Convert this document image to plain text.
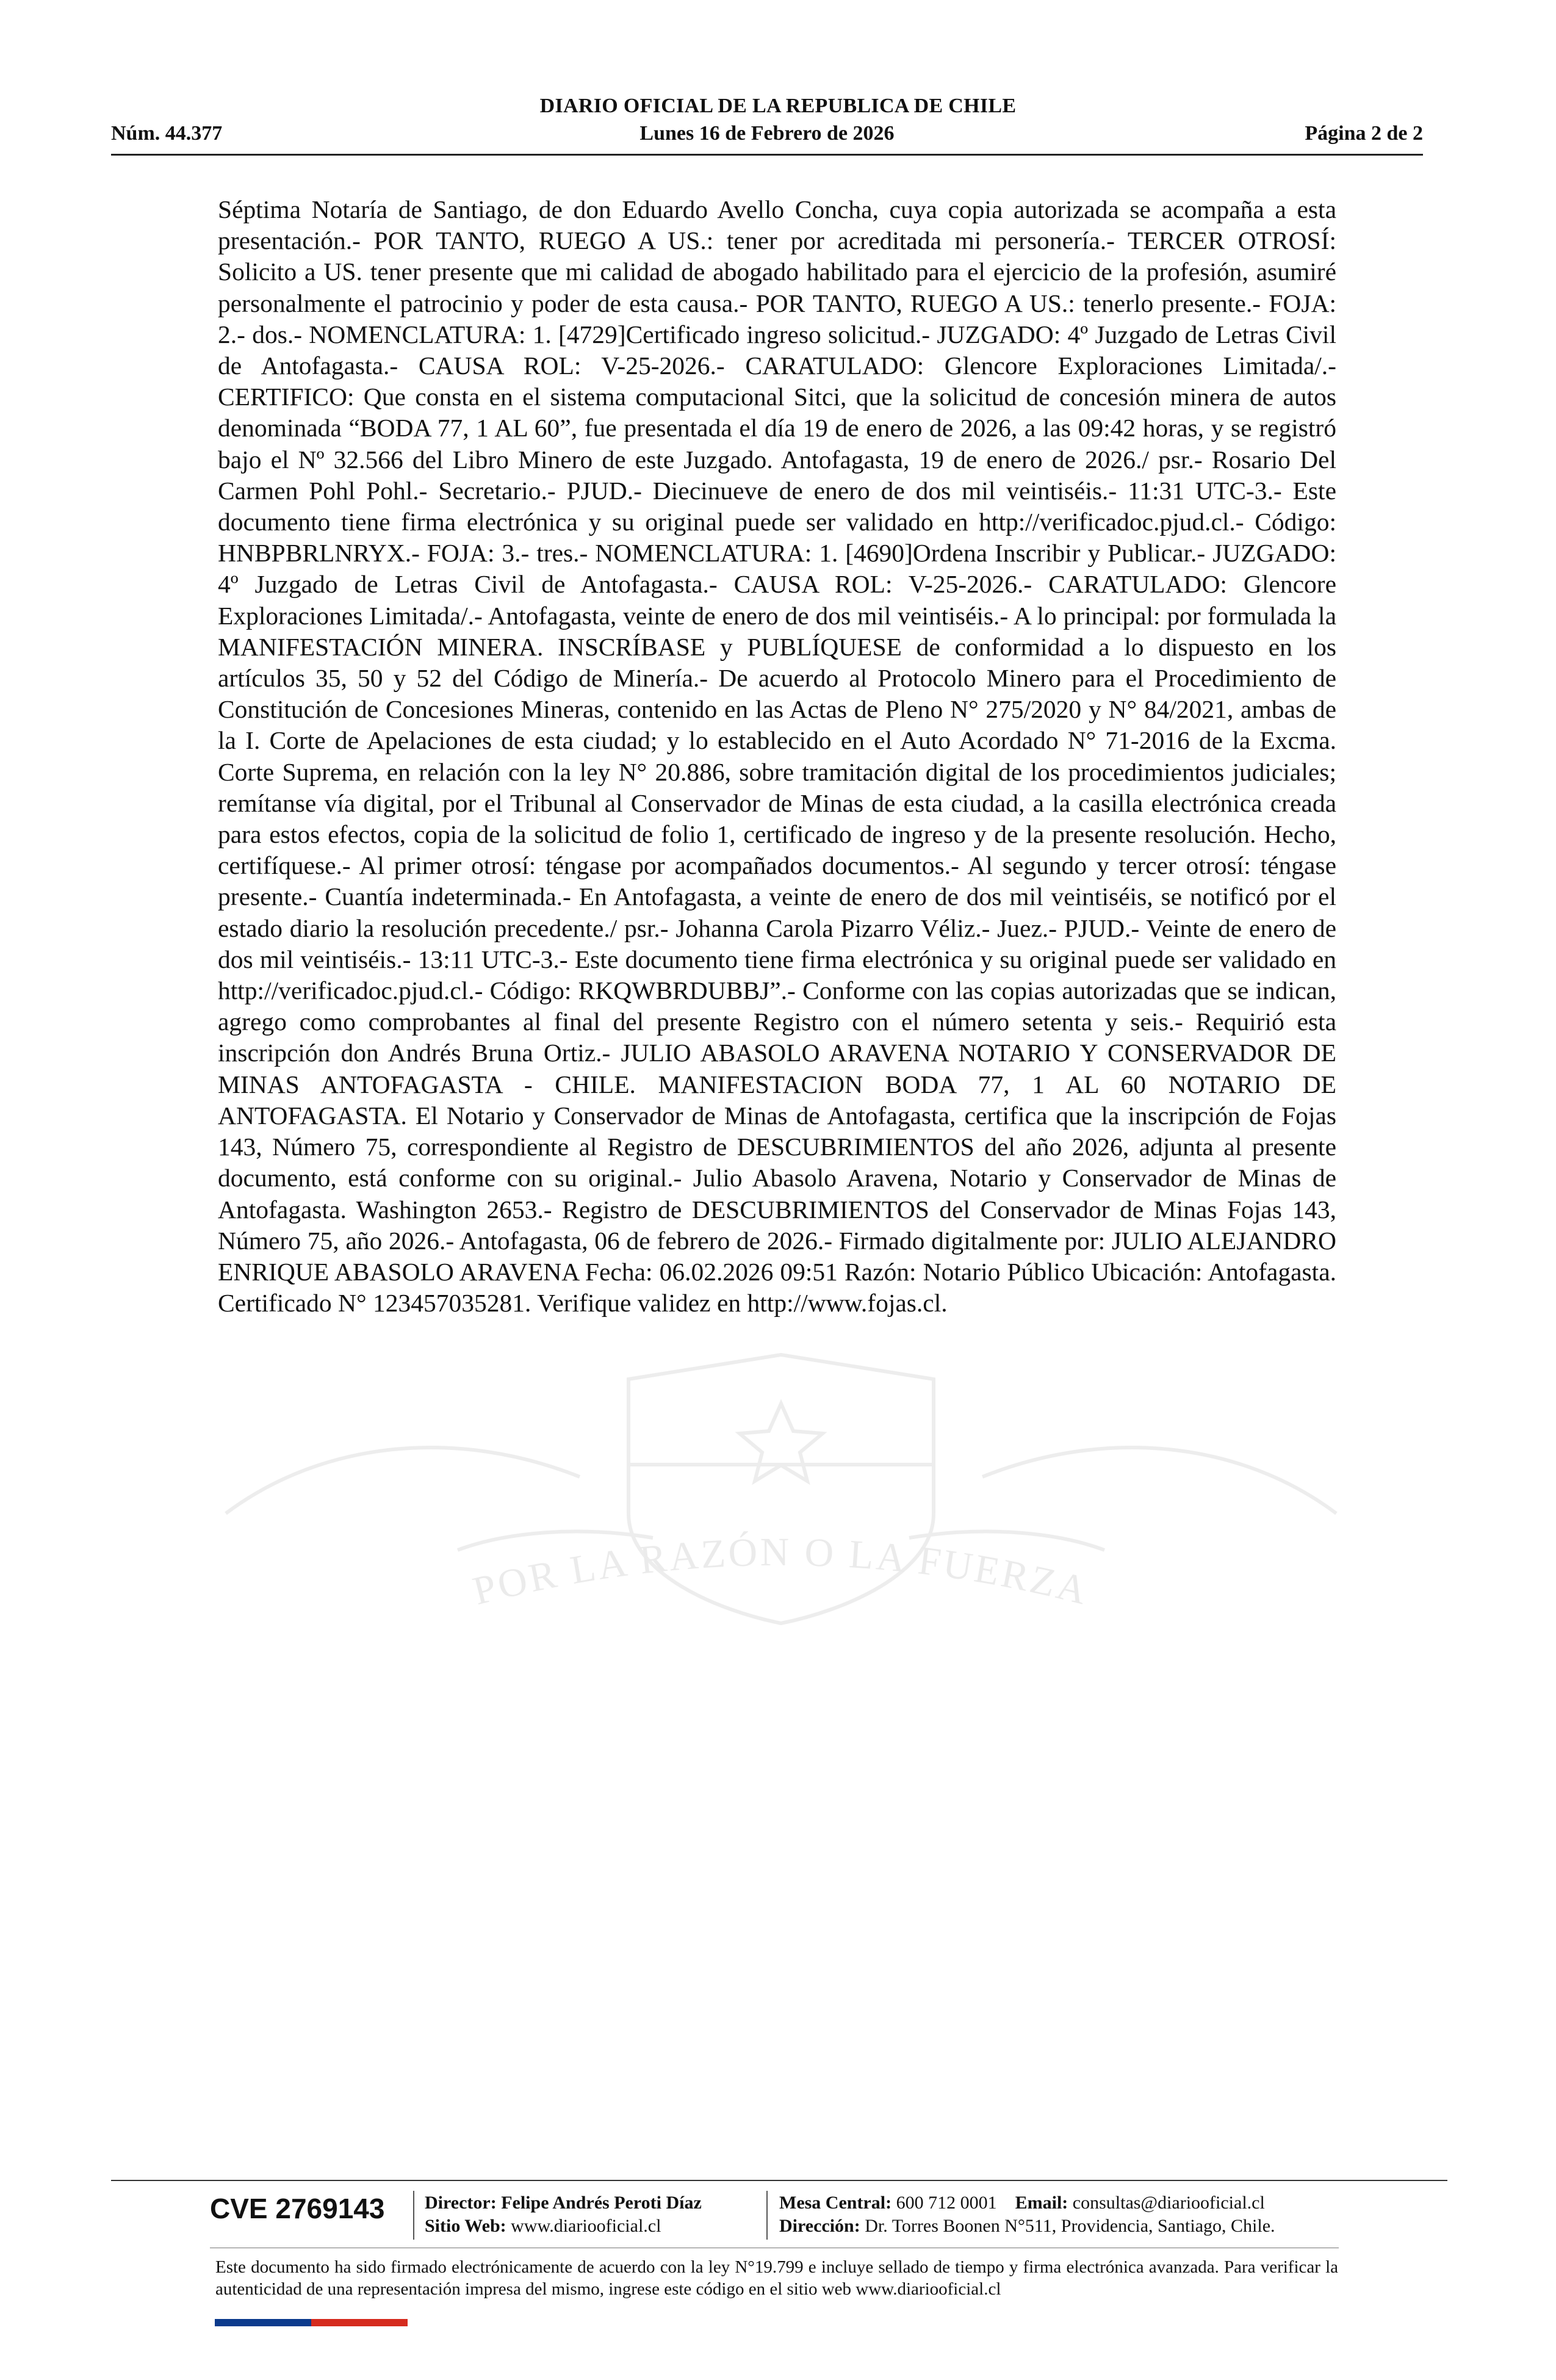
DIARIO OFICIAL DE LA REPUBLICA DE CHILE
Lunes 16 de Febrero de 2026
Núm. 44.377	Página 2 de 2
POR LA RAZÓN O LA FUERZA
Séptima Notaría de Santiago, de don Eduardo Avello Concha, cuya copia autorizada se acompaña a esta presentación.- POR TANTO, RUEGO A US.: tener por acreditada mi personería.- TERCER OTROSÍ: Solicito a US. tener presente que mi calidad de abogado habilitado para el ejercicio de la profesión, asumiré personalmente el patrocinio y poder de esta causa.- POR TANTO, RUEGO A US.: tenerlo presente.- FOJA: 2.- dos.- NOMENCLATURA: 1. [4729]Certificado ingreso solicitud.- JUZGADO: 4º Juzgado de Letras Civil de Antofagasta.- CAUSA ROL: V-25-2026.- CARATULADO: Glencore Exploraciones Limitada/.- CERTIFICO: Que consta en el sistema computacional Sitci, que la solicitud de concesión minera de autos denominada “BODA 77, 1 AL 60”, fue presentada el día 19 de enero de 2026, a las 09:42 horas, y se registró bajo el Nº 32.566 del Libro Minero de este Juzgado. Antofagasta, 19 de enero de 2026./ psr.- Rosario Del Carmen Pohl Pohl.- Secretario.- PJUD.- Diecinueve de enero de dos mil veintiséis.- 11:31 UTC-3.- Este documento tiene firma electrónica y su original puede ser validado en http://verificadoc.pjud.cl.- Código: HNBPBRLNRYX.- FOJA: 3.- tres.- NOMENCLATURA: 1. [4690]Ordena Inscribir y Publicar.- JUZGADO: 4º Juzgado de Letras Civil de Antofagasta.- CAUSA ROL: V-25-2026.- CARATULADO: Glencore Exploraciones Limitada/.- Antofagasta, veinte de enero de dos mil veintiséis.- A lo principal: por formulada la MANIFESTACIÓN MINERA. INSCRÍBASE y PUBLÍQUESE de conformidad a lo dispuesto en los artículos 35, 50 y 52 del Código de Minería.- De acuerdo al Protocolo Minero para el Procedimiento de Constitución de Concesiones Mineras, contenido en las Actas de Pleno N° 275/2020 y N° 84/2021, ambas de la I. Corte de Apelaciones de esta ciudad; y lo establecido en el Auto Acordado N° 71-2016 de la Excma. Corte Suprema, en relación con la ley N° 20.886, sobre tramitación digital de los procedimientos judiciales; remítanse vía digital, por el Tribunal al Conservador de Minas de esta ciudad, a la casilla electrónica creada para estos efectos, copia de la solicitud de folio 1, certificado de ingreso y de la presente resolución. Hecho, certifíquese.- Al primer otrosí: téngase por acompañados documentos.- Al segundo y tercer otrosí: téngase presente.- Cuantía indeterminada.- En Antofagasta, a veinte de enero de dos mil veintiséis, se notificó por el estado diario la resolución precedente./ psr.- Johanna Carola Pizarro Véliz.- Juez.- PJUD.- Veinte de enero de dos mil veintiséis.- 13:11 UTC-3.- Este documento tiene firma electrónica y su original puede ser validado en http://verificadoc.pjud.cl.- Código: RKQWBRDUBBJ”.- Conforme con las copias autorizadas que se indican, agrego como comprobantes al final del presente Registro con el número setenta y seis.- Requirió esta inscripción don Andrés Bruna Ortiz.- JULIO ABASOLO ARAVENA NOTARIO Y CONSERVADOR DE MINAS ANTOFAGASTA - CHILE. MANIFESTACION BODA 77, 1 AL 60 NOTARIO DE ANTOFAGASTA. El Notario y Conservador de Minas de Antofagasta, certifica que la inscripción de Fojas 143, Número 75, correspondiente al Registro de DESCUBRIMIENTOS del año 2026, adjunta al presente documento, está conforme con su original.- Julio Abasolo Aravena, Notario y Conservador de Minas de Antofagasta. Washington 2653.- Registro de DESCUBRIMIENTOS del Conservador de Minas Fojas 143, Número 75, año 2026.- Antofagasta, 06 de febrero de 2026.- Firmado digitalmente por: JULIO ALEJANDRO ENRIQUE ABASOLO ARAVENA Fecha: 06.02.2026 09:51 Razón: Notario Público Ubicación: Antofagasta. Certificado N° 123457035281. Verifique validez en http://www.fojas.cl.
CVE 2769143 Director: Felipe Andrés Peroti Díaz
Sitio Web: www.diariooficial.cl
Mesa Central: 600 712 0001 Email: consultas@diariooficial.cl
Dirección: Dr. Torres Boonen N°511, Providencia, Santiago, Chile.
Este documento ha sido firmado electrónicamente de acuerdo con la ley N°19.799 e incluye sellado de tiempo y firma electrónica avanzada. Para verificar la autenticidad de una representación impresa del mismo, ingrese este código en el sitio web www.diariooficial.cl
